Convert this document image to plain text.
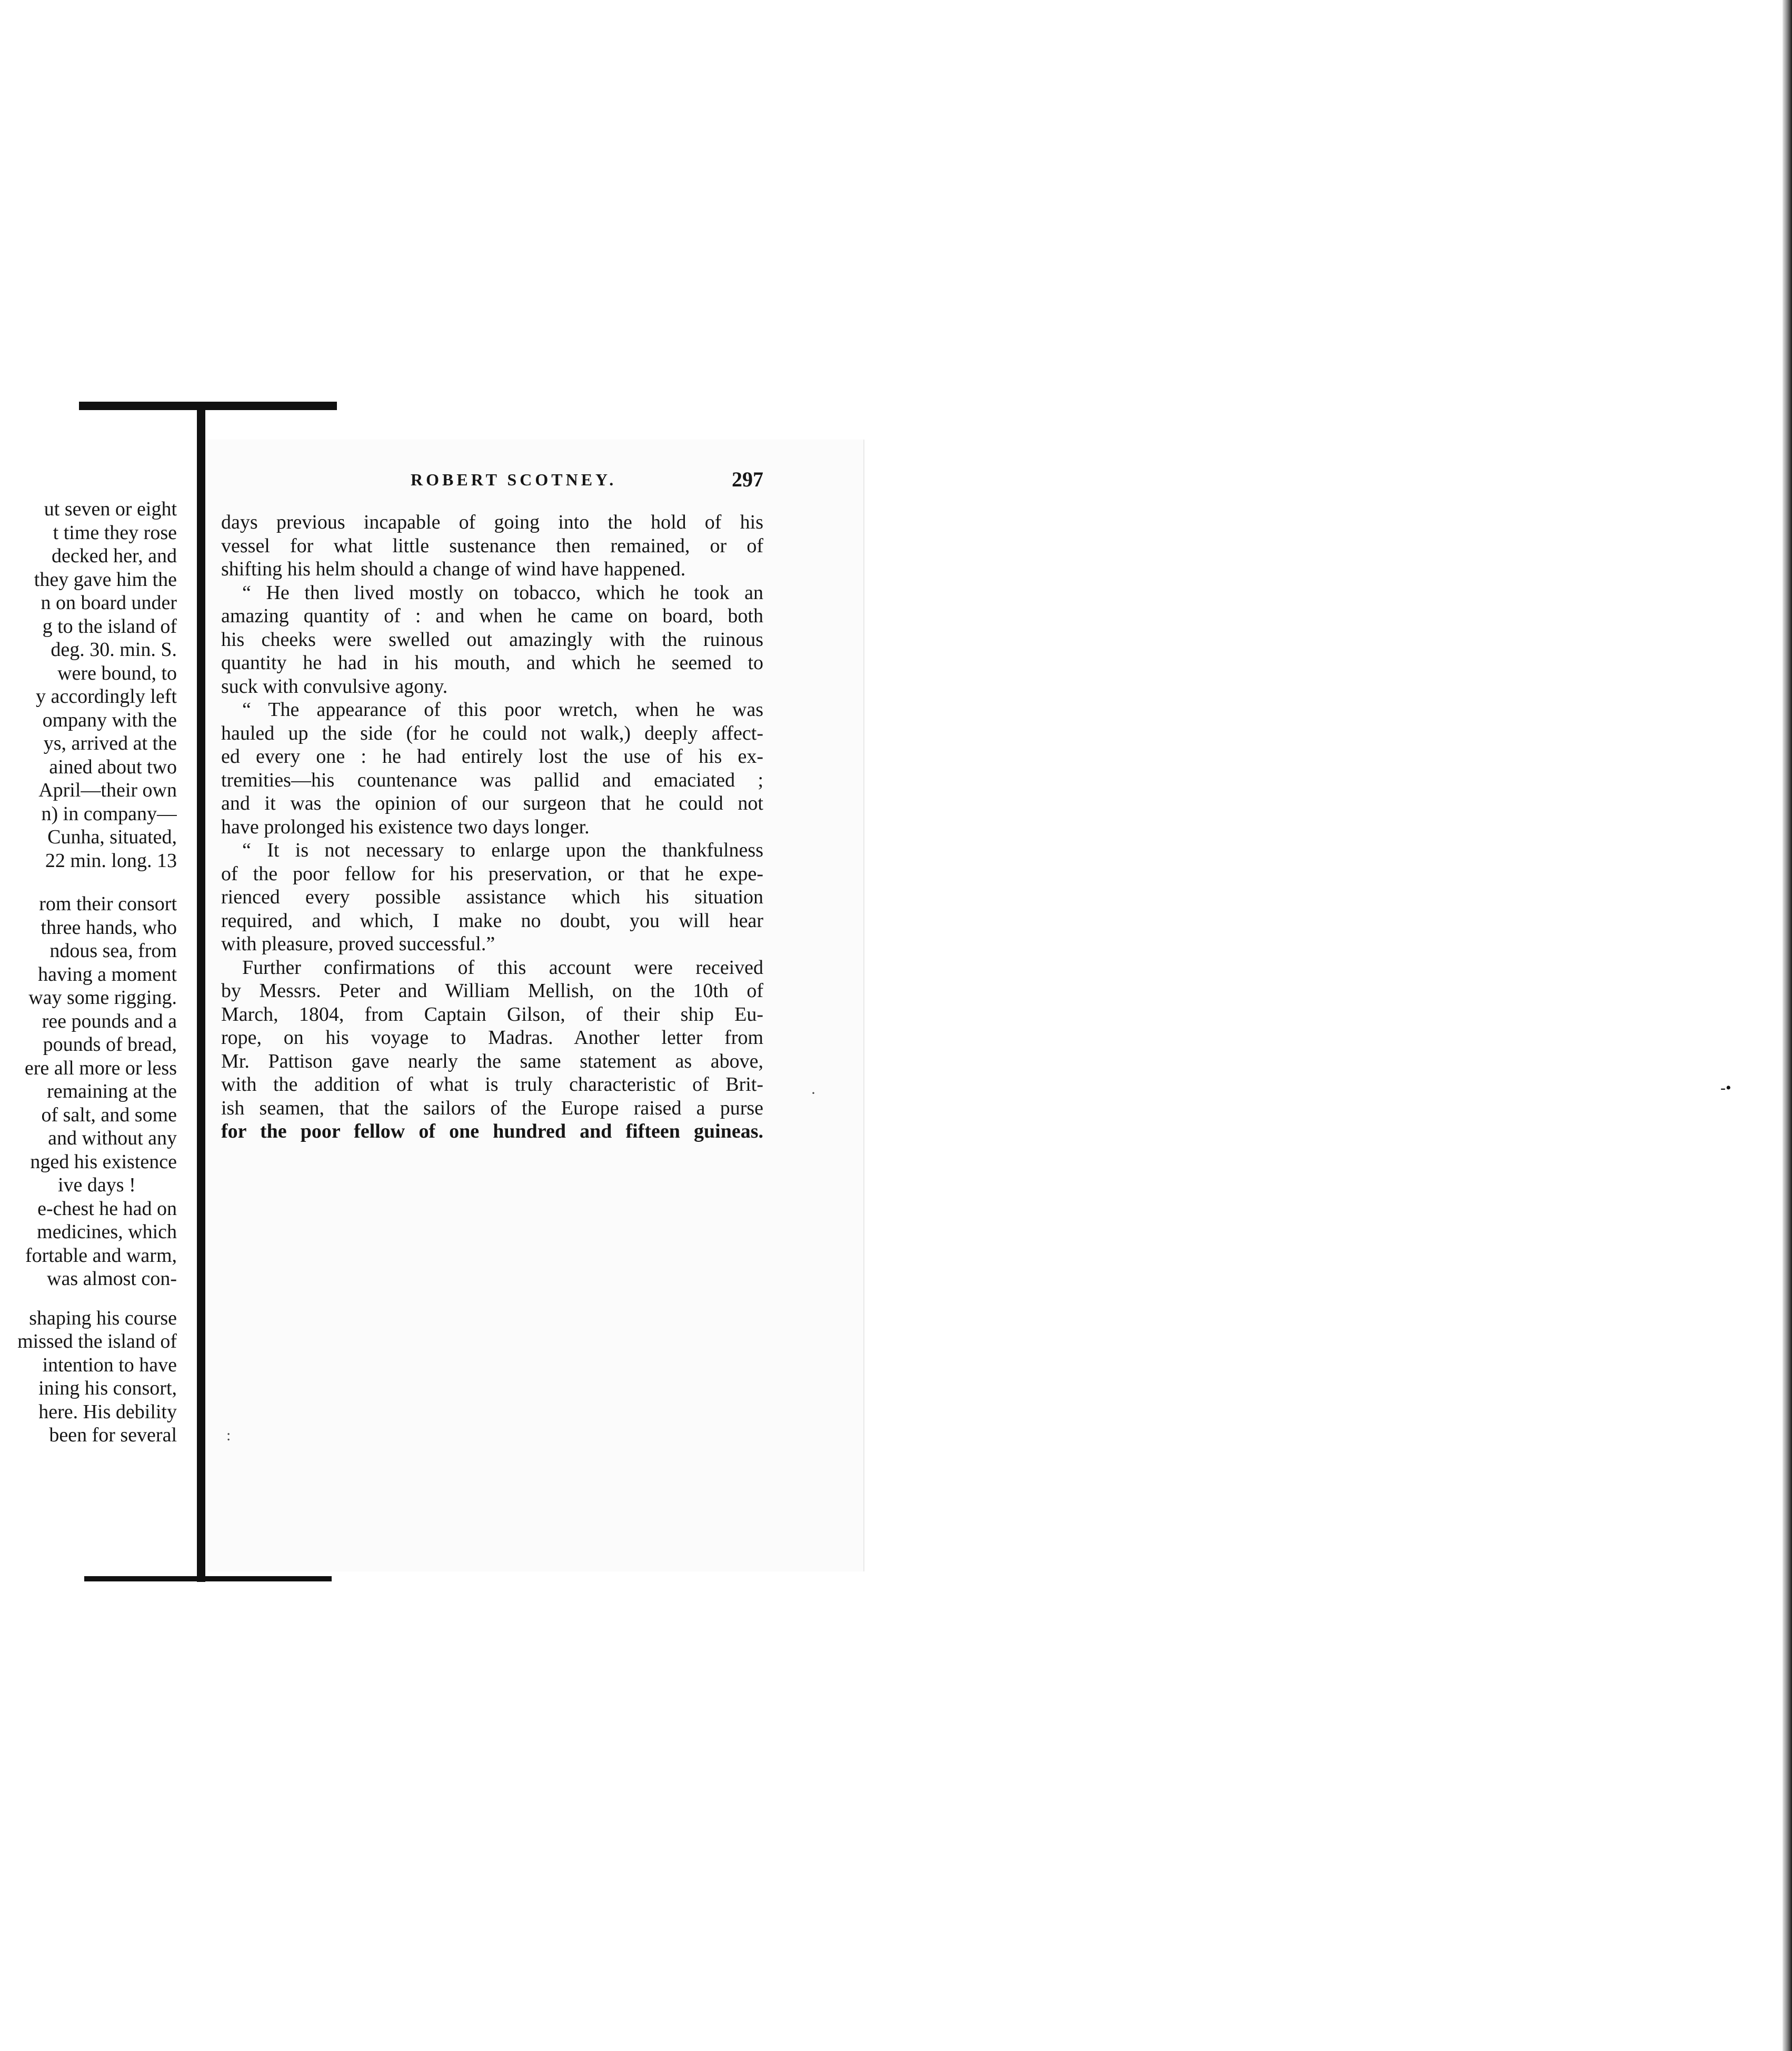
ROBERT SCOTNEY.	297
ut seven or eight
t time they rose
decked her, and
they gave him the
n on board under
g to the island of
deg. 30. min. S.
were bound, to
y accordingly left
ompany with the
ys, arrived at the
ained about two
April—their own
n) in company—
Cunha, situated,
22 min. long. 13
rom their consort
three hands, who
ndous sea, from
having a moment
way some rigging.
ree pounds and a
pounds of bread,
ere all more or less
remaining at the
of salt, and some
and without any
nged his existence
ive days !
e-chest he had on
medicines, which
fortable and warm,
was almost con-
shaping his course
missed the island of
intention to have
ining his consort,
here. His debility
been for several
days previous incapable of going into the hold of his
vessel for what little sustenance then remained, or of
shifting his helm should a change of wind have happened.
“ He then lived mostly on tobacco, which he took an
amazing quantity of : and when he came on board, both
his cheeks were swelled out amazingly with the ruinous
quantity he had in his mouth, and which he seemed to
suck with convulsive agony.
“ The appearance of this poor wretch, when he was
hauled up the side (for he could not walk,) deeply affect-
ed every one : he had entirely lost the use of his ex-
tremities—his countenance was pallid and emaciated ;
and it was the opinion of our surgeon that he could not
have prolonged his existence two days longer.
“ It is not necessary to enlarge upon the thankfulness
of the poor fellow for his preservation, or that he expe-
rienced every possible assistance which his situation
required, and which, I make no doubt, you will hear
with pleasure, proved successful.”
Further confirmations of this account were received
by Messrs. Peter and William Mellish, on the 10th of
March, 1804, from Captain Gilson, of their ship Eu-
rope, on his voyage to Madras. Another letter from
Mr. Pattison gave nearly the same statement as above,
with the addition of what is truly characteristic of Brit-
ish seamen, that the sailors of the Europe raised a purse
for the poor fellow of one hundred and fifteen guineas.
·	-•
:
